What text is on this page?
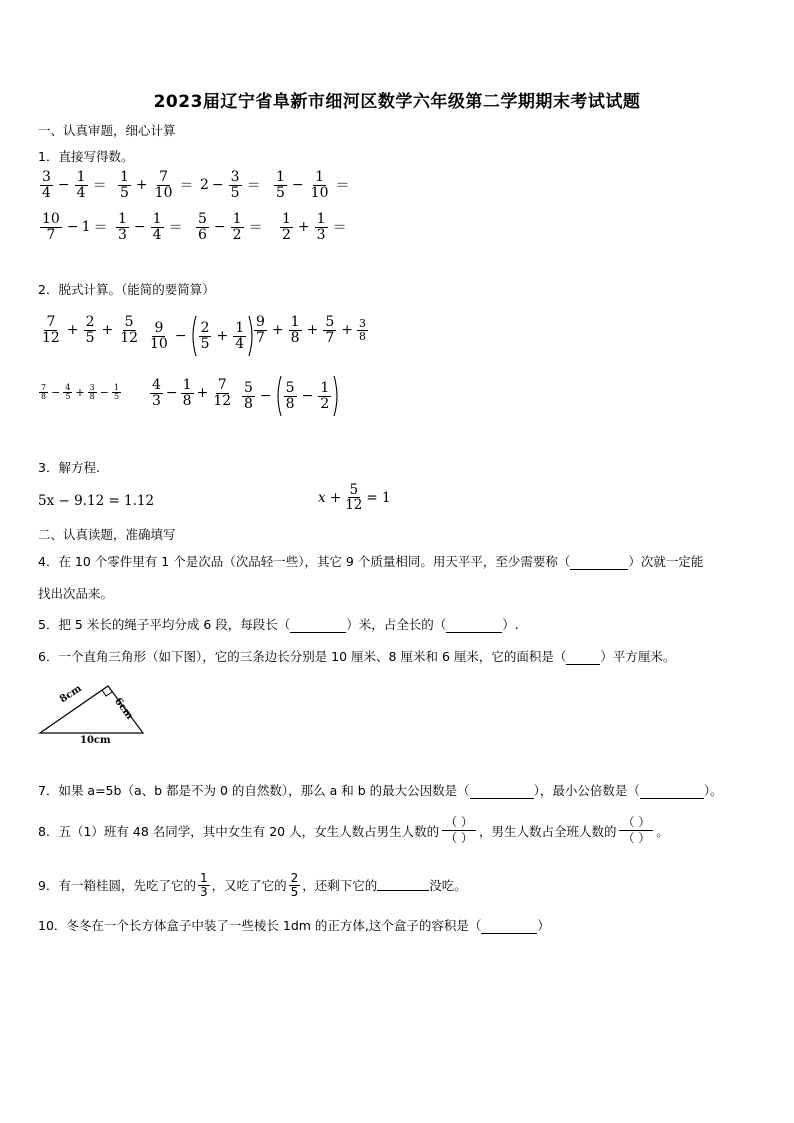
2023届辽宁省阜新市细河区数学六年级第二学期期末考试试题
一、认真审题，细心计算
1．直接写得数。
$\frac{3}{4} - \frac{1}{4} = \frac{1}{5} + \frac{7}{10} = 2 - \frac{3}{5} = \frac{1}{5} - \frac{1}{10}$ ＝
$\frac{10}{7} - 1 = \frac{1}{3} - \frac{1}{4} = \frac{5}{6} - \frac{1}{2} = \frac{1}{2} + \frac{1}{3}$ ＝
2．脱式计算。（能简的要简算）
$\frac{7}{12} + \frac{2}{5} + \frac{5}{12} \frac{9}{10} - \frac{2}{5} + \frac{1}{4} \frac{9}{7} + \frac{1}{8} + \frac{5}{7} + \frac{3}{8}$
$\frac{7}{8} - \frac{4}{5} + \frac{3}{8} - \frac{1}{5} \frac{4}{3} - \frac{1}{8} + \frac{7}{12} \frac{5}{8} - \frac{5}{8} - \frac{1}{2}$
3．解方程.
5x − 9.12 = 1.12	$x + \frac{5}{12} = 1$
二、认真读题，准确填写
4．在 10 个零件里有 1 个是次品（次品轻一些），其它 9 个质量相同。用天平平，至少需要称（	）次就一定能
找出次品来。
5．把 5 米长的绳子平均分成 6 段，每段长（	）米，占全长的（	）.
6．一个直角三角形（如下图），它的三条边长分别是 10 厘米、8 厘米和 6 厘米，它的面积是（	）平方厘米。
8cm
6cm
10cm
7．如果 a=5b（a、b 都是不为 0 的自然数），那么 a 和 b 的最大公因数是（	），最小公倍数是（	）。
8．五（1）班有 48 名同学，其中女生有 20 人，女生人数占男生人数的 $\frac{( )}{( )}$ ，男生人数占全班人数的 $\frac{( )}{( )}$ 。
9．有一箱桂圆，先吃了它的 $\frac{1}{3}$ ，又吃了它的 $\frac{2}{5}$ ，还剩下它的	没吃。
10．冬冬在一个长方体盒子中装了一些棱长 1dm 的正方体,这个盒子的容积是（	）
